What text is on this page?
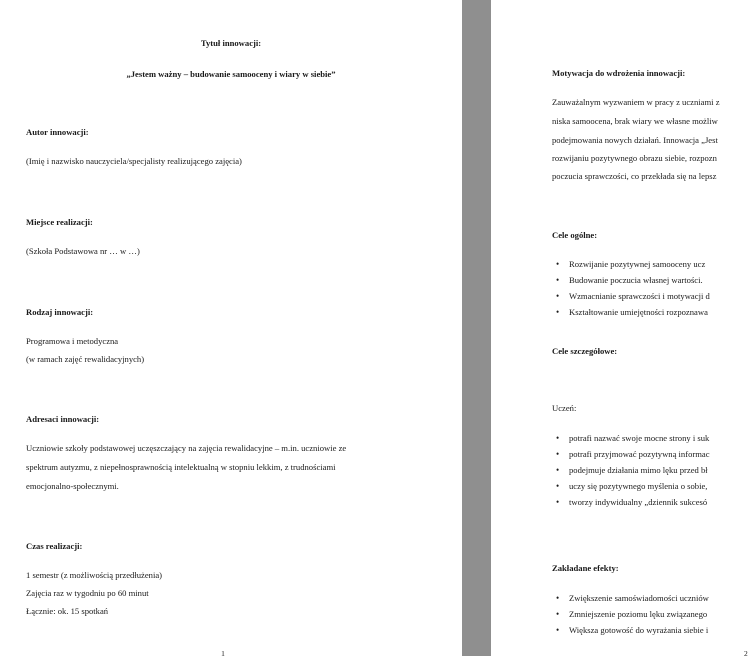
Tytuł innowacji:
„Jestem ważny – budowanie samooceny i wiary w siebie”
Autor innowacji:
(Imię i nazwisko nauczyciela/specjalisty realizującego zajęcia)
Miejsce realizacji:
(Szkoła Podstawowa nr … w …)
Rodzaj innowacji:
Programowa i metodyczna
(w ramach zajęć rewalidacyjnych)
Adresaci innowacji:
Uczniowie szkoły podstawowej uczęszczający na zajęcia rewalidacyjne – m.in. uczniowie ze
spektrum autyzmu, z niepełnosprawnością intelektualną w stopniu lekkim, z trudnościami
emocjonalno-społecznymi.
Czas realizacji:
1 semestr (z możliwością przedłużenia)
Zajęcia raz w tygodniu po 60 minut
Łącznie: ok. 15 spotkań
1
Motywacja do wdrożenia innowacji:
Zauważalnym wyzwaniem w pracy z uczniami z
niska samoocena, brak wiary we własne możliw
podejmowania nowych działań. Innowacja „Jest
rozwijaniu pozytywnego obrazu siebie, rozpozn
poczucia sprawczości, co przekłada się na lepsz
Cele ogólne:
• Rozwijanie pozytywnej samooceny ucz
• Budowanie poczucia własnej wartości.
• Wzmacnianie sprawczości i motywacji d
• Kształtowanie umiejętności rozpoznawa
Cele szczegółowe:
Uczeń:
• potrafi nazwać swoje mocne strony i suk
• potrafi przyjmować pozytywną informac
• podejmuje działania mimo lęku przed bł
• uczy się pozytywnego myślenia o sobie,
• tworzy indywidualny „dziennik sukcesó
Zakładane efekty:
• Zwiększenie samoświadomości uczniów
• Zmniejszenie poziomu lęku związanego
• Większa gotowość do wyrażania siebie i
2
